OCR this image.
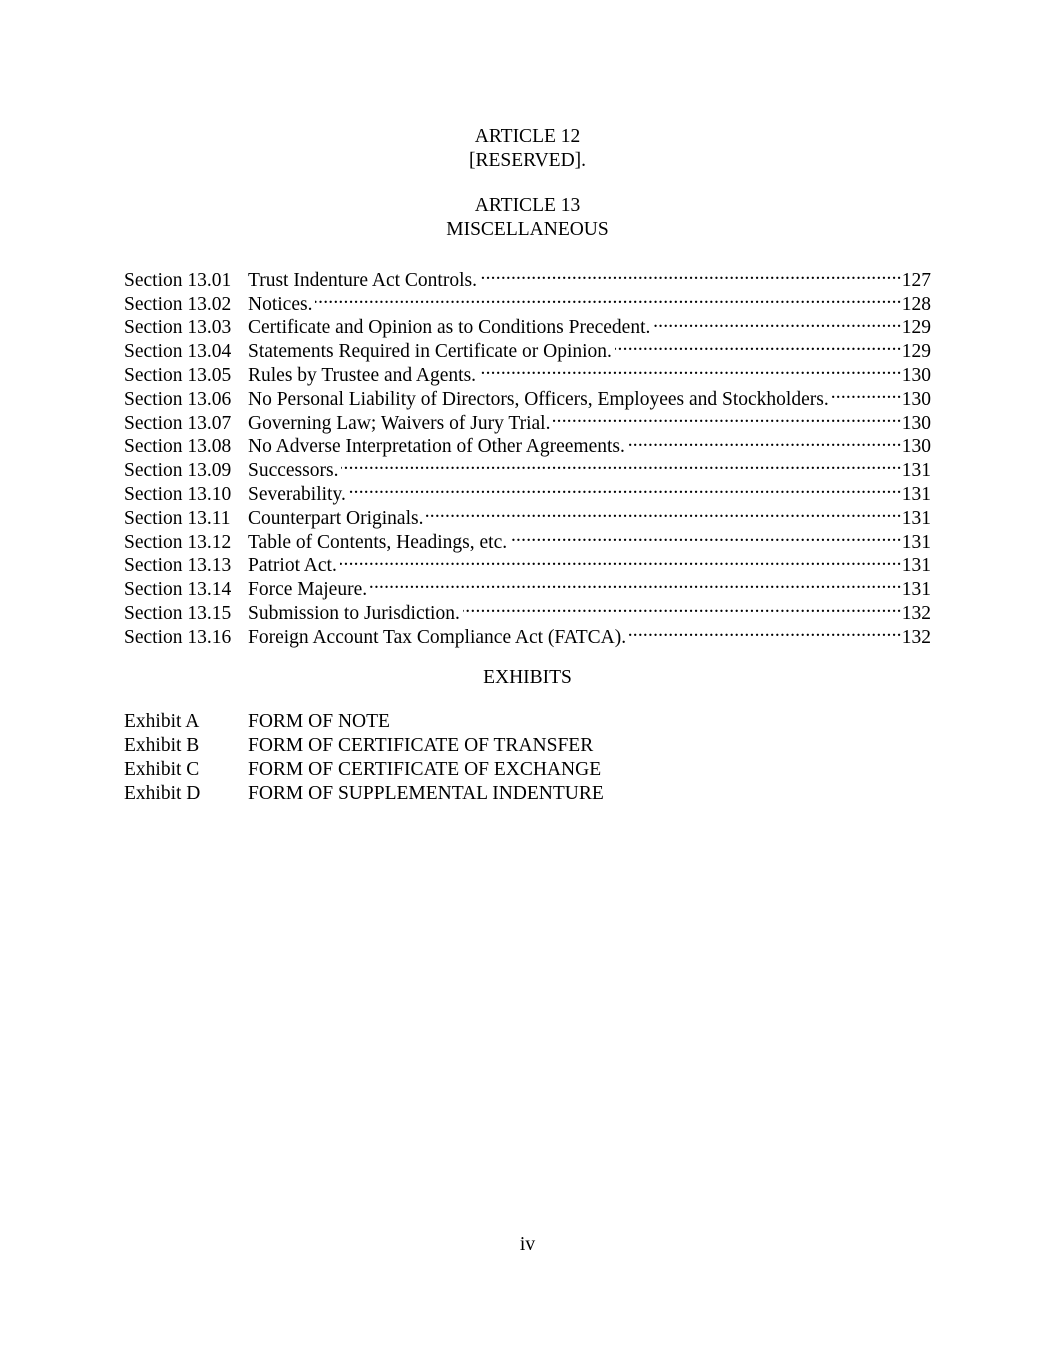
ARTICLE 12
[RESERVED].
ARTICLE 13
MISCELLANEOUS
Section 13.01 Trust Indenture Act Controls. .....	127
Section 13.02 Notices. .....	128
Section 13.03 Certificate and Opinion as to Conditions Precedent. .....	129
Section 13.04 Statements Required in Certificate or Opinion. .....	129
Section 13.05 Rules by Trustee and Agents. .....	130
Section 13.06 No Personal Liability of Directors, Officers, Employees and Stockholders. .....	130
Section 13.07 Governing Law; Waivers of Jury Trial. .....	130
Section 13.08 No Adverse Interpretation of Other Agreements. .....	130
Section 13.09 Successors. .....	131
Section 13.10 Severability. .....	131
Section 13.11 Counterpart Originals. .....	131
Section 13.12 Table of Contents, Headings, etc. .....	131
Section 13.13 Patriot Act. .....	131
Section 13.14 Force Majeure. .....	131
Section 13.15 Submission to Jurisdiction. .....	132
Section 13.16 Foreign Account Tax Compliance Act (FATCA). .....	132
EXHIBITS
Exhibit A	FORM OF NOTE
Exhibit B	FORM OF CERTIFICATE OF TRANSFER
Exhibit C	FORM OF CERTIFICATE OF EXCHANGE
Exhibit D	FORM OF SUPPLEMENTAL INDENTURE
iv
